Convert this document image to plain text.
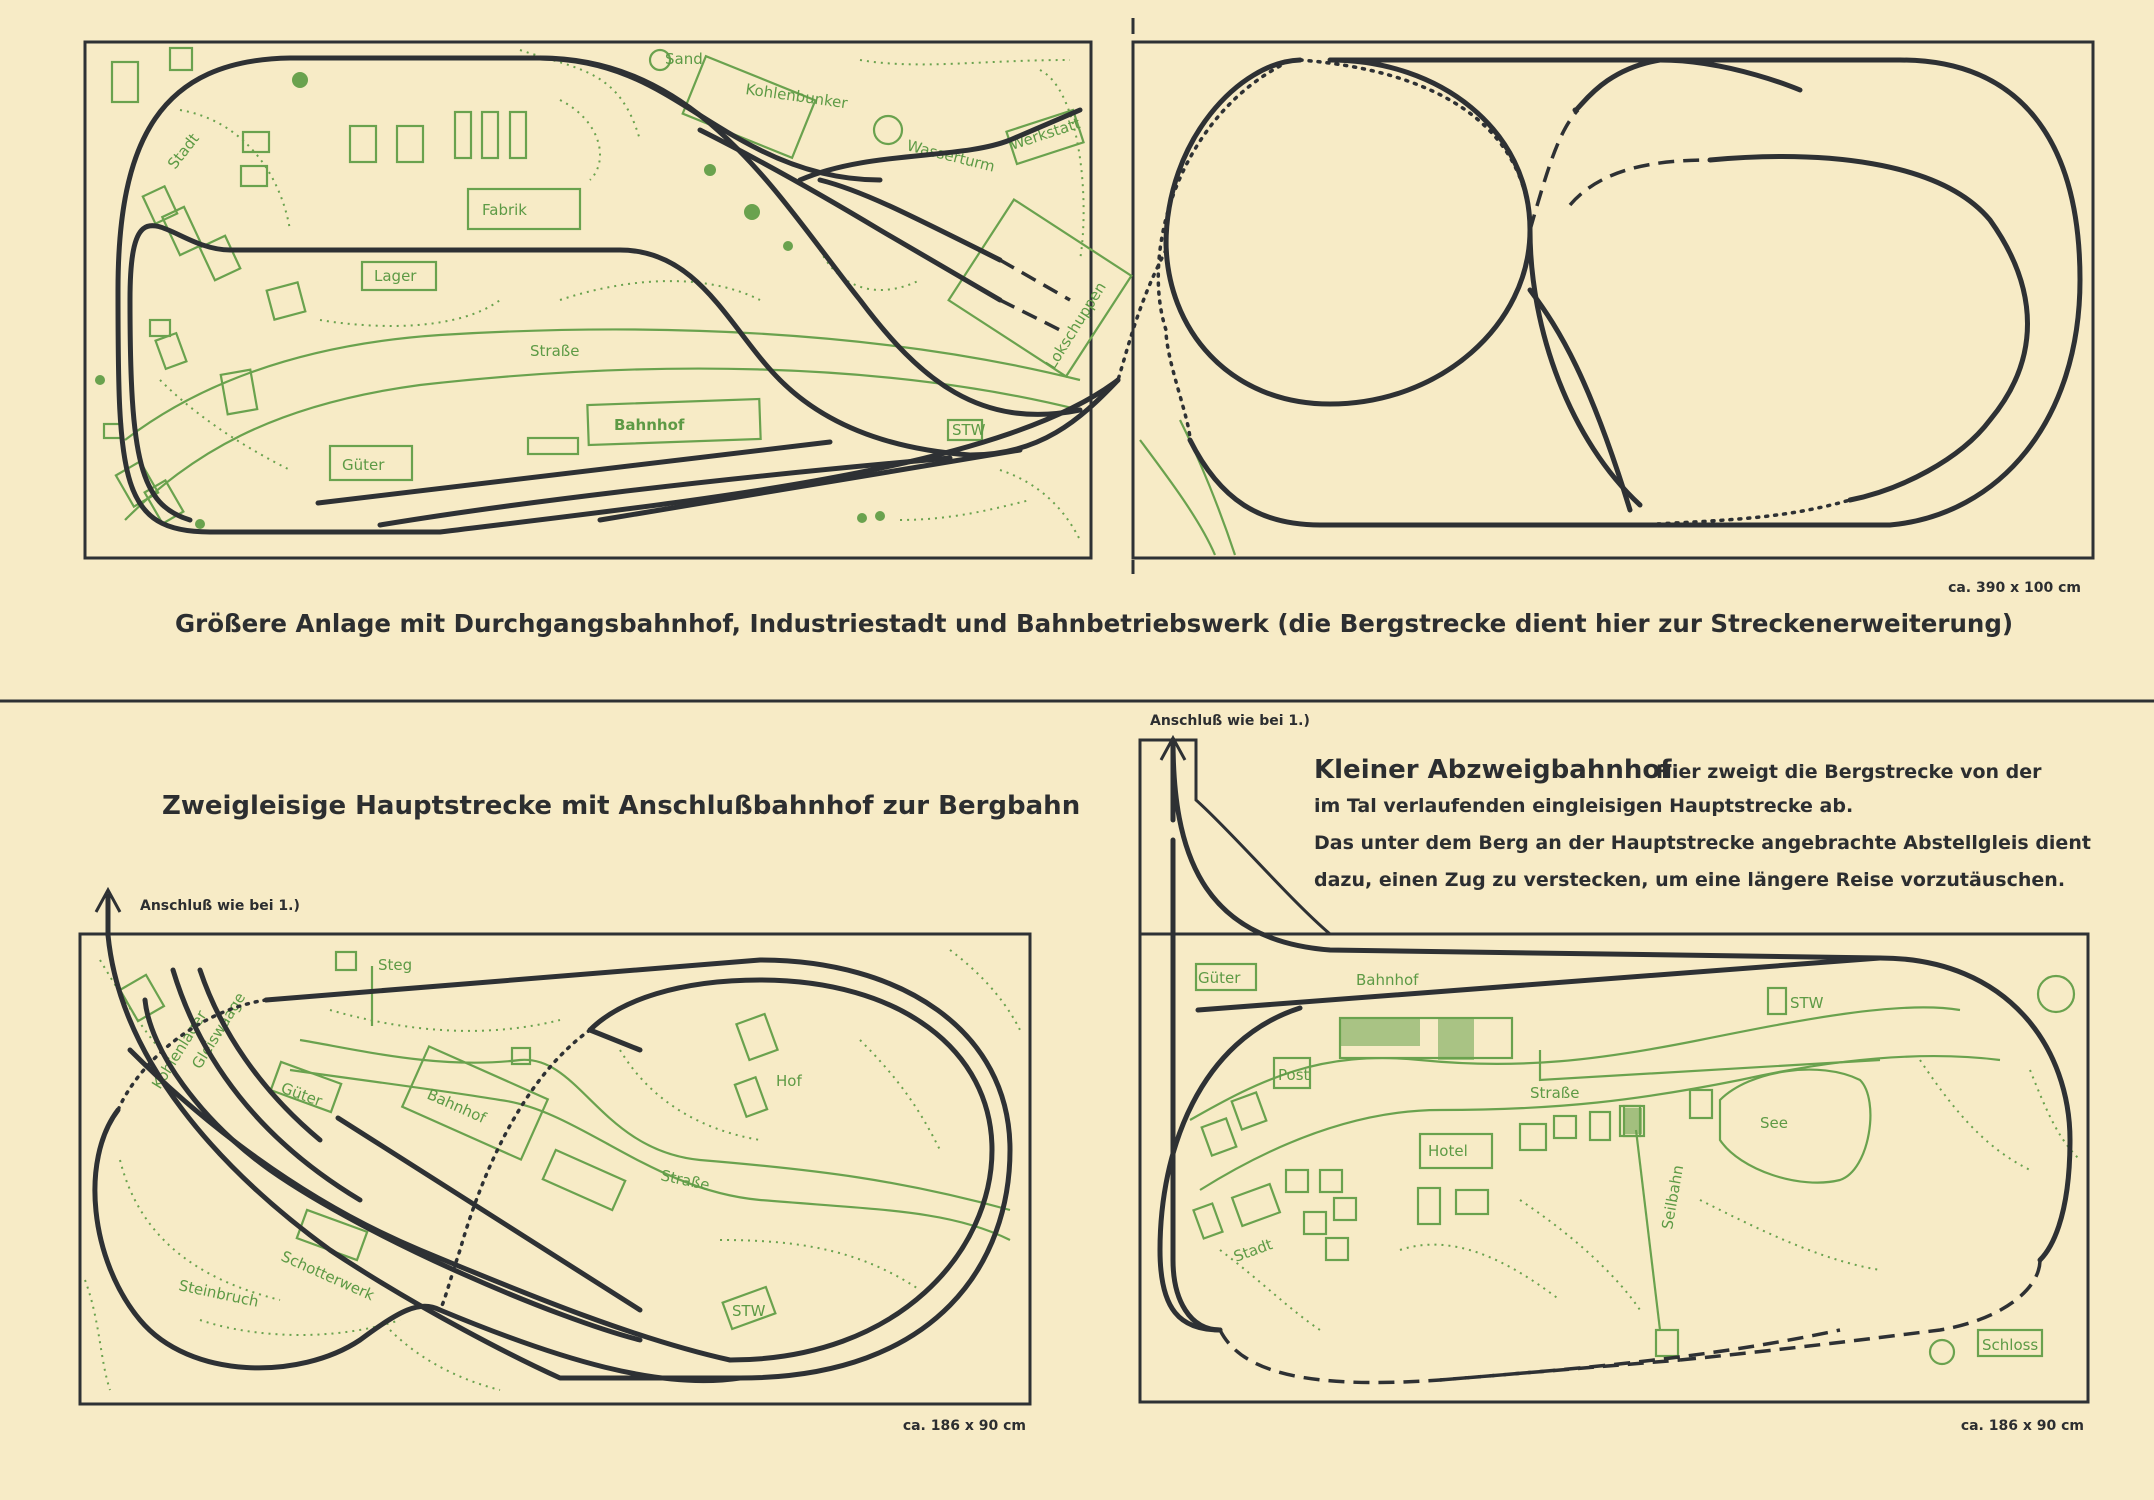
Sand
Kohlenbunker
Wasserturm
Werkstatt
Stadt
Fabrik
Lager
Straße	Lokschuppen
Bahnhof
Güter
STW
ca. 390 x 100 cm
Größere Anlage mit Durchgangsbahnhof, Industriestadt und Bahnbetriebswerk (die Bergstrecke dient hier zur Streckenerweiterung)
Zweigleisige Hauptstrecke mit Anschlußbahnhof zur Bergbahn
Anschluß wie bei 1.)
Steg
Güter	Bahnhof
Hof
Straße
Kohlenlager
Gleiswaage
Schotterwerk
Steinbruch
STW
ca. 186 x 90 cm
Anschluß wie bei 1.)
Kleiner Abzweigbahnhof
Hier zweigt die Bergstrecke von der
im Tal verlaufenden eingleisigen Hauptstrecke ab.
Das unter dem Berg an der Hauptstrecke angebrachte Abstellgleis dient
dazu, einen Zug zu verstecken, um eine längere Reise vorzutäuschen.
Güter	Bahnhof
STW
Post
Straße
Hotel
See
Seilbahn
Stadt
Schloss
ca. 186 x 90 cm
